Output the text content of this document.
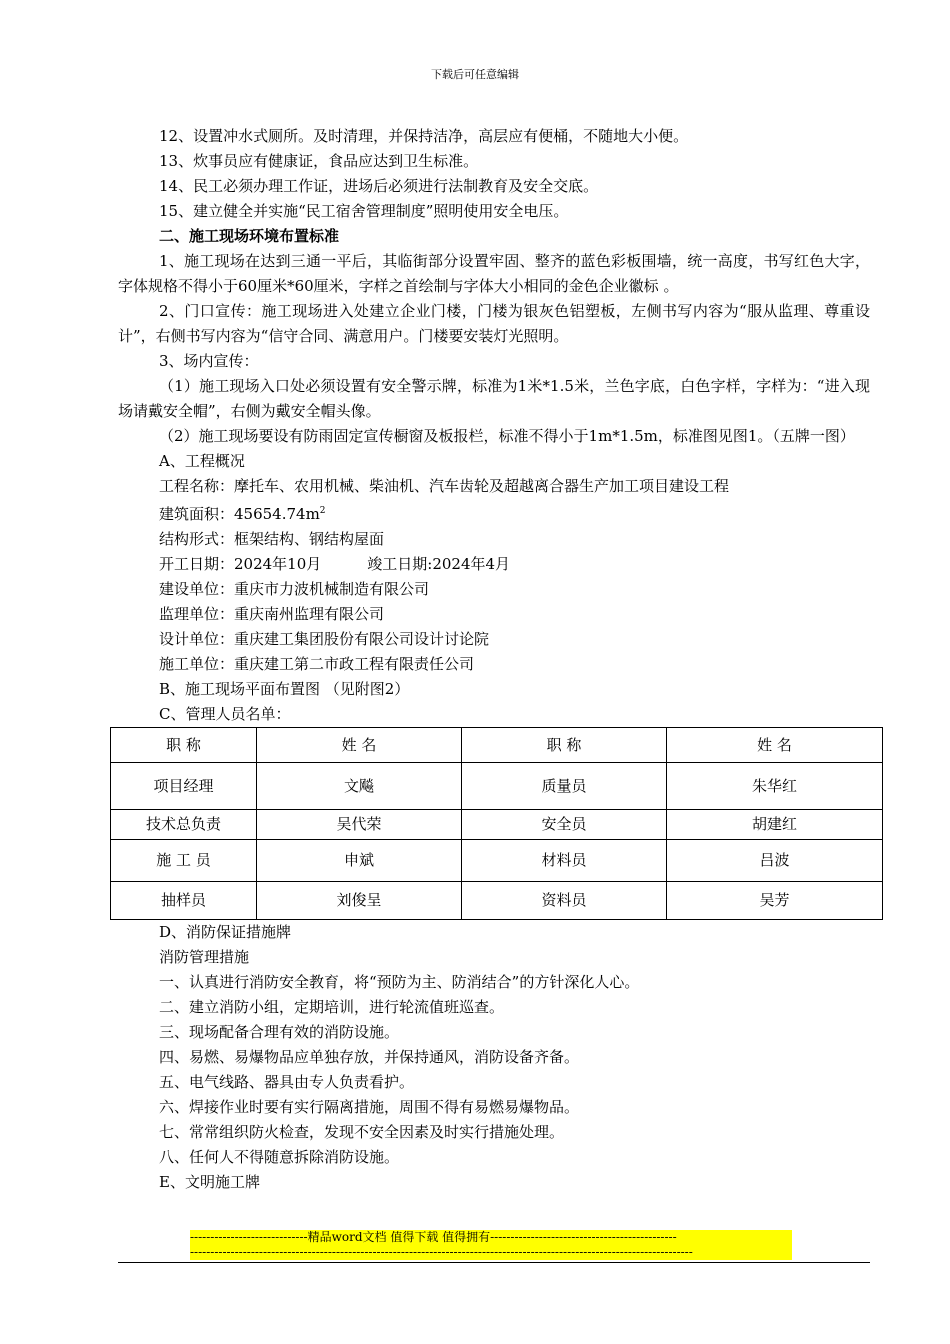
下载后可任意编辑

12、设置冲水式厕所。及时清理，并保持洁净，高层应有便桶，不随地大小便。

13、炊事员应有健康证，食品应达到卫生标准。

14、民工必须办理工作证，进场后必须进行法制教育及安全交底。

15、建立健全并实施“民工宿舍管理制度”照明使用安全电压。

二、施工现场环境布置标准

1、施工现场在达到三通一平后，其临街部分设置牢固、整齐的蓝色彩板围墙，统一高度，书写红色大字，字体规格不得小于60厘米*60厘米，字样之首绘制与字体大小相同的金色企业徽标 。

2、门口宣传：施工现场进入处建立企业门楼，门楼为银灰色铝塑板，左侧书写内容为“服从监理、尊重设计”，右侧书写内容为“信守合同、满意用户。门楼要安装灯光照明。

3、场内宣传：

（1）施工现场入口处必须设置有安全警示牌，标准为1米*1.5米，兰色字底，白色字样，字样为：“进入现场请戴安全帽”，右侧为戴安全帽头像。

（2）施工现场要设有防雨固定宣传橱窗及板报栏，标准不得小于1m*1.5m，标准图见图1。（五牌一图）

A、工程概况

工程名称：摩托车、农用机械、柴油机、汽车齿轮及超越离合器生产加工项目建设工程

建筑面积：$45654.74m^2$

结构形式：框架结构、钢结构屋面

开工日期：2024年10月	竣工日期:2024年4月

建设单位：重庆市力波机械制造有限公司

监理单位：重庆南州监理有限公司

设计单位：重庆建工集团股份有限公司设计讨论院

施工单位：重庆建工第二市政工程有限责任公司

B、施工现场平面布置图 （见附图2）

C、管理人员名单：

职 称	姓 名	职 称	姓 名
项目经理	文飚	质量员	朱华红
技术总负责	吴代荣	安全员	胡建红
施 工 员	申斌	材料员	吕波
抽样员	刘俊呈	资料员	吴芳

D、消防保证措施牌

消防管理措施

一、认真进行消防安全教育，将“预防为主、防消结合”的方针深化人心。

二、建立消防小组，定期培训，进行轮流值班巡查。

三、现场配备合理有效的消防设施。

四、易燃、易爆物品应单独存放，并保持通风，消防设备齐备。

五、电气线路、器具由专人负责看护。

六、焊接作业时要有实行隔离措施，周围不得有易燃易爆物品。

七、常常组织防火检查，发现不安全因素及时实行措施处理。

八、任何人不得随意拆除消防设施。

E、文明施工牌

-----------------------------精品word文档 值得下载 值得拥有----------------------------------------------
----------------------------------------------------------------------------------------------------------------------------
